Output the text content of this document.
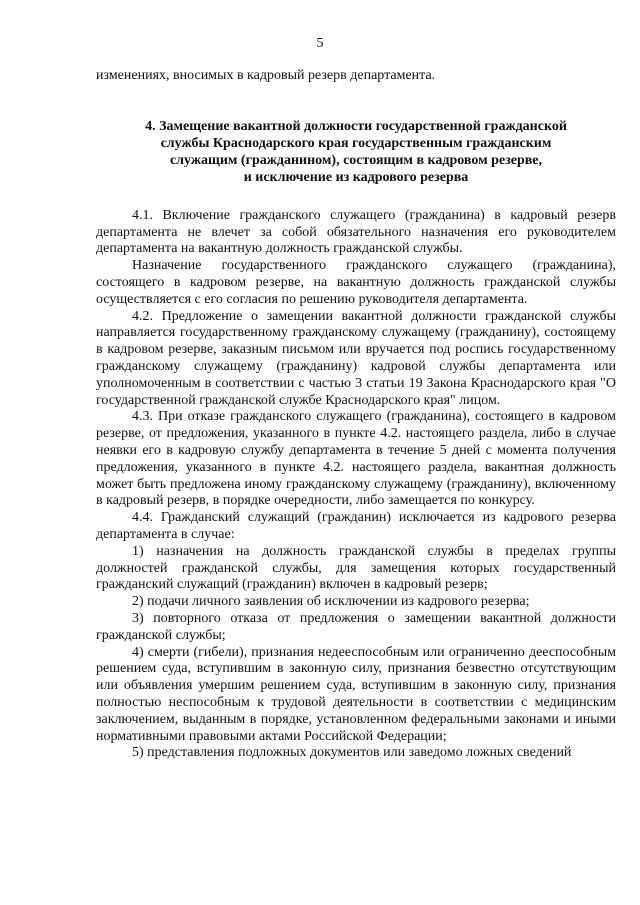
5

изменениях, вносимых в кадровый резерв департамента.

4. Замещение вакантной должности государственной гражданской
службы Краснодарского края государственным гражданским
служащим (гражданином), состоящим в кадровом резерве,
и исключение из кадрового резерва

4.1. Включение гражданского служащего (гражданина) в кадровый резерв департамента не влечет за собой обязательного назначения его руководителем департамента на вакантную должность гражданской службы.

Назначение государственного гражданского служащего (гражданина), состоящего в кадровом резерве, на вакантную должность гражданской службы осуществляется с его согласия по решению руководителя департамента.

4.2. Предложение о замещении вакантной должности гражданской службы направляется государственному гражданскому служащему (гражданину), состоящему в кадровом резерве, заказным письмом или вручается под роспись государственному гражданскому служащему (гражданину) кадровой службы департамента или уполномоченным в соответствии с частью 3 статьи 19 Закона Краснодарского края "О государственной гражданской службе Краснодарского края" лицом.

4.3. При отказе гражданского служащего (гражданина), состоящего в кадровом резерве, от предложения, указанного в пункте 4.2. настоящего раздела, либо в случае неявки его в кадровую службу департамента в течение 5 дней с момента получения предложения, указанного в пункте 4.2. настоящего раздела, вакантная должность может быть предложена иному гражданскому служащему (гражданину), включенному в кадровый резерв, в порядке очередности, либо замещается по конкурсу.

4.4. Гражданский служащий (гражданин) исключается из кадрового резерва департамента в случае:

1) назначения на должность гражданской службы в пределах группы должностей гражданской службы, для замещения которых государственный гражданский служащий (гражданин) включен в кадровый резерв;

2) подачи личного заявления об исключении из кадрового резерва;

3) повторного отказа от предложения о замещении вакантной должности гражданской службы;

4) смерти (гибели), признания недееспособным или ограниченно дееспособным решением суда, вступившим в законную силу, признания безвестно отсутствующим или объявления умершим решением суда, вступившим в законную силу, признания полностью неспособным к трудовой деятельности в соответствии с медицинским заключением, выданным в порядке, установленном федеральными законами и иными нормативными правовыми актами Российской Федерации;

5) представления подложных документов или заведомо ложных сведений
